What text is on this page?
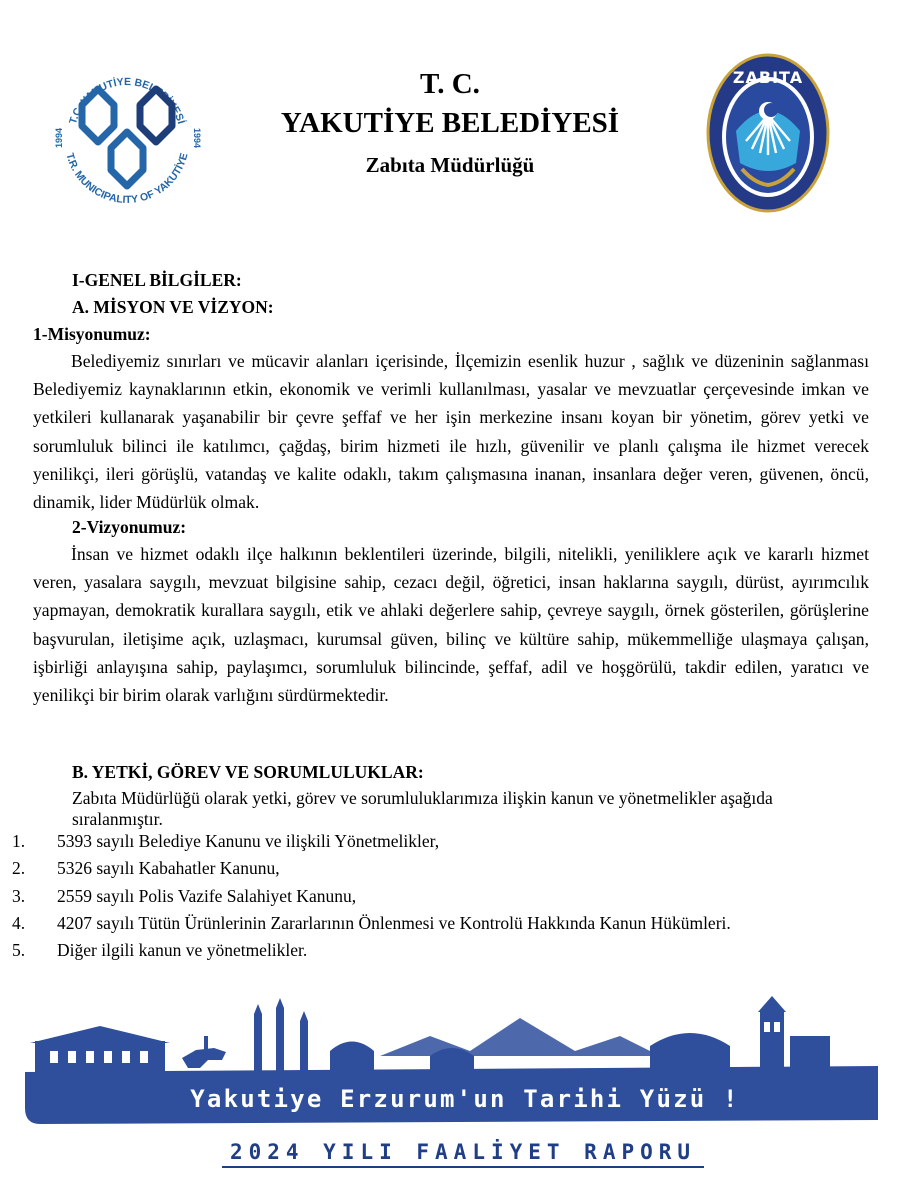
T.C. YAKUTİYE BELEDİYESİ
T.R. MUNICIPALITY OF YAKUTİYE
1994	1994
ZABITA
T. C.
YAKUTİYE BELEDİYESİ
Zabıta Müdürlüğü
I-GENEL BİLGİLER:
A. MİSYON VE VİZYON:
1-Misyonumuz:

Belediyemiz sınırları ve mücavir alanları içerisinde, İlçemizin esenlik huzur , sağlık ve düzeninin sağlanması Belediyemiz kaynaklarının etkin, ekonomik ve verimli kullanılması, yasalar ve mevzuatlar çerçevesinde imkan ve yetkileri kullanarak yaşanabilir bir çevre şeffaf ve her işin merkezine insanı koyan bir yönetim, görev yetki ve sorumluluk bilinci ile katılımcı, çağdaş, birim hizmeti ile hızlı, güvenilir ve planlı çalışma ile hizmet verecek yenilikçi, ileri görüşlü, vatandaş ve kalite odaklı, takım çalışmasına inanan, insanlara değer veren, güvenen, öncü, dinamik, lider Müdürlük olmak.

2-Vizyonumuz:

İnsan ve hizmet odaklı ilçe halkının beklentileri üzerinde, bilgili, nitelikli, yeniliklere açık ve kararlı hizmet veren, yasalara saygılı, mevzuat bilgisine sahip, cezacı değil, öğretici, insan haklarına saygılı, dürüst, ayırımcılık yapmayan, demokratik kurallara saygılı, etik ve ahlaki değerlere sahip, çevreye saygılı, örnek gösterilen, görüşlerine başvurulan, iletişime açık, uzlaşmacı, kurumsal güven, bilinç ve kültüre sahip, mükemmelliğe ulaşmaya çalışan, işbirliği anlayışına sahip, paylaşımcı, sorumluluk bilincinde, şeffaf, adil ve hoşgörülü, takdir edilen, yaratıcı ve yenilikçi bir birim olarak varlığını sürdürmektedir.

B. YETKİ, GÖREV VE SORUMLULUKLAR:
Zabıta Müdürlüğü olarak yetki, görev ve sorumluluklarımıza ilişkin kanun ve yönetmelikler aşağıda
sıralanmıştır.
1. 5393 sayılı Belediye Kanunu ve ilişkili Yönetmelikler,
2. 5326 sayılı Kabahatler Kanunu,
3. 2559 sayılı Polis Vazife Salahiyet Kanunu,
4. 4207 sayılı Tütün Ürünlerinin Zararlarının Önlenmesi ve Kontrolü Hakkında Kanun Hükümleri.
5. Diğer ilgili kanun ve yönetmelikler.
Yakutiye Erzurum'un Tarihi Yüzü !
2024 YILI FAALİYET RAPORU
